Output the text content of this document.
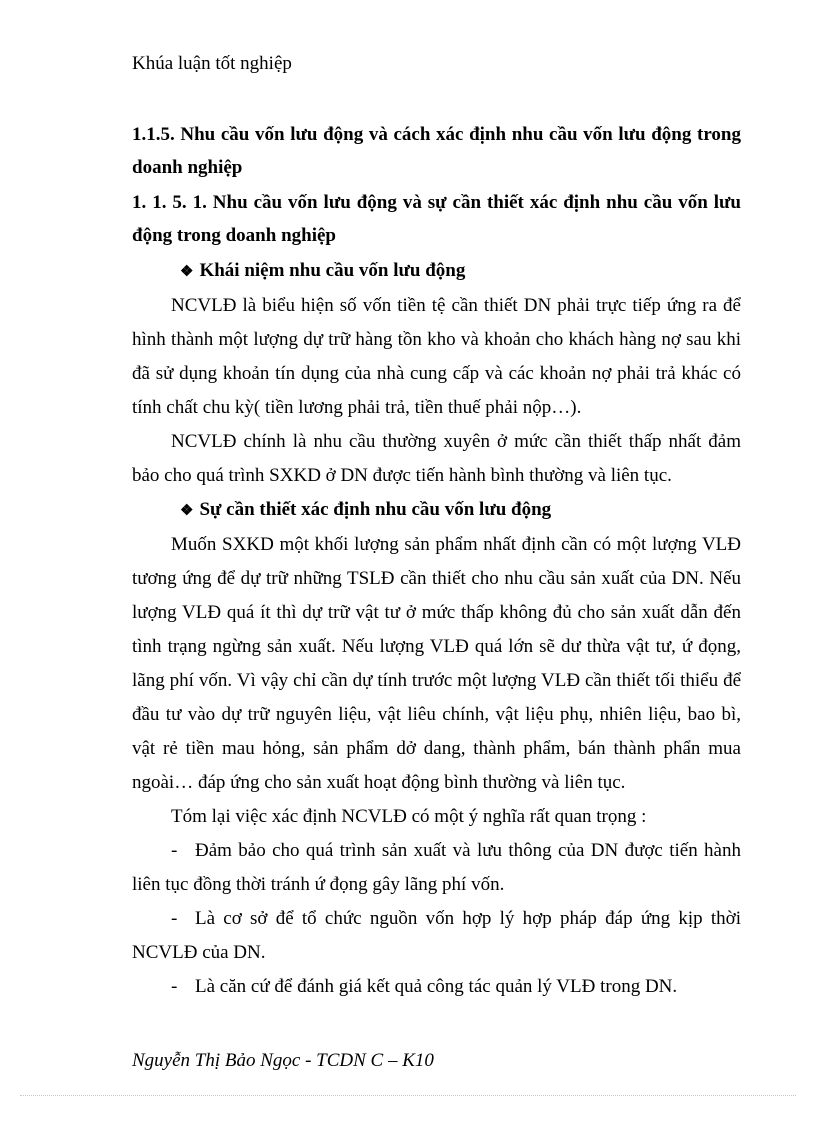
Khúa luận tốt nghiệp

1.1.5. Nhu cầu vốn lưu động và cách xác định nhu cầu vốn lưu động trong doanh nghiệp

1. 1. 5. 1. Nhu cầu vốn lưu động và sự cần thiết xác định nhu cầu vốn lưu động trong doanh nghiệp

❖ Khái niệm nhu cầu vốn lưu động

NCVLĐ là biểu hiện số vốn tiền tệ cần thiết DN phải trực tiếp ứng ra để hình thành một lượng dự trữ hàng tồn kho và khoản cho khách hàng nợ sau khi đã sử dụng khoản tín dụng của nhà cung cấp và các khoản nợ phải trả khác có tính chất chu kỳ( tiền lương phải trả, tiền thuế phải nộp…).

NCVLĐ chính là nhu cầu thường xuyên ở mức cần thiết thấp nhất đảm bảo cho quá trình SXKD ở DN được tiến hành bình thường và liên tục.

❖ Sự cần thiết xác định nhu cầu vốn lưu động

Muốn SXKD một khối lượng sản phẩm nhất định cần có một lượng VLĐ tương ứng để dự trữ những TSLĐ cần thiết cho nhu cầu sản xuất của DN. Nếu lượng VLĐ quá ít thì dự trữ vật tư ở mức thấp không đủ cho sản xuất dẫn đến tình trạng ngừng sản xuất. Nếu lượng VLĐ quá lớn sẽ dư thừa vật tư, ứ đọng, lãng phí vốn. Vì vậy chỉ cần dự tính trước một lượng VLĐ cần thiết tối thiểu để đầu tư vào dự trữ nguyên liệu, vật liêu chính, vật liệu phụ, nhiên liệu, bao bì, vật rẻ tiền mau hỏng, sản phẩm dở dang, thành phẩm, bán thành phẩn mua ngoài… đáp ứng cho sản xuất hoạt động bình thường và liên tục.

Tóm lại việc xác định NCVLĐ có một ý nghĩa rất quan trọng :

- Đảm bảo cho quá trình sản xuất và lưu thông của DN được tiến hành liên tục đồng thời tránh ứ đọng gây lãng phí vốn.

- Là cơ sở để tổ chức nguồn vốn hợp lý hợp pháp đáp ứng kịp thời NCVLĐ của DN.

- Là căn cứ để đánh giá kết quả công tác quản lý VLĐ trong DN.

Nguyễn Thị Bảo Ngọc - TCDN C – K10
